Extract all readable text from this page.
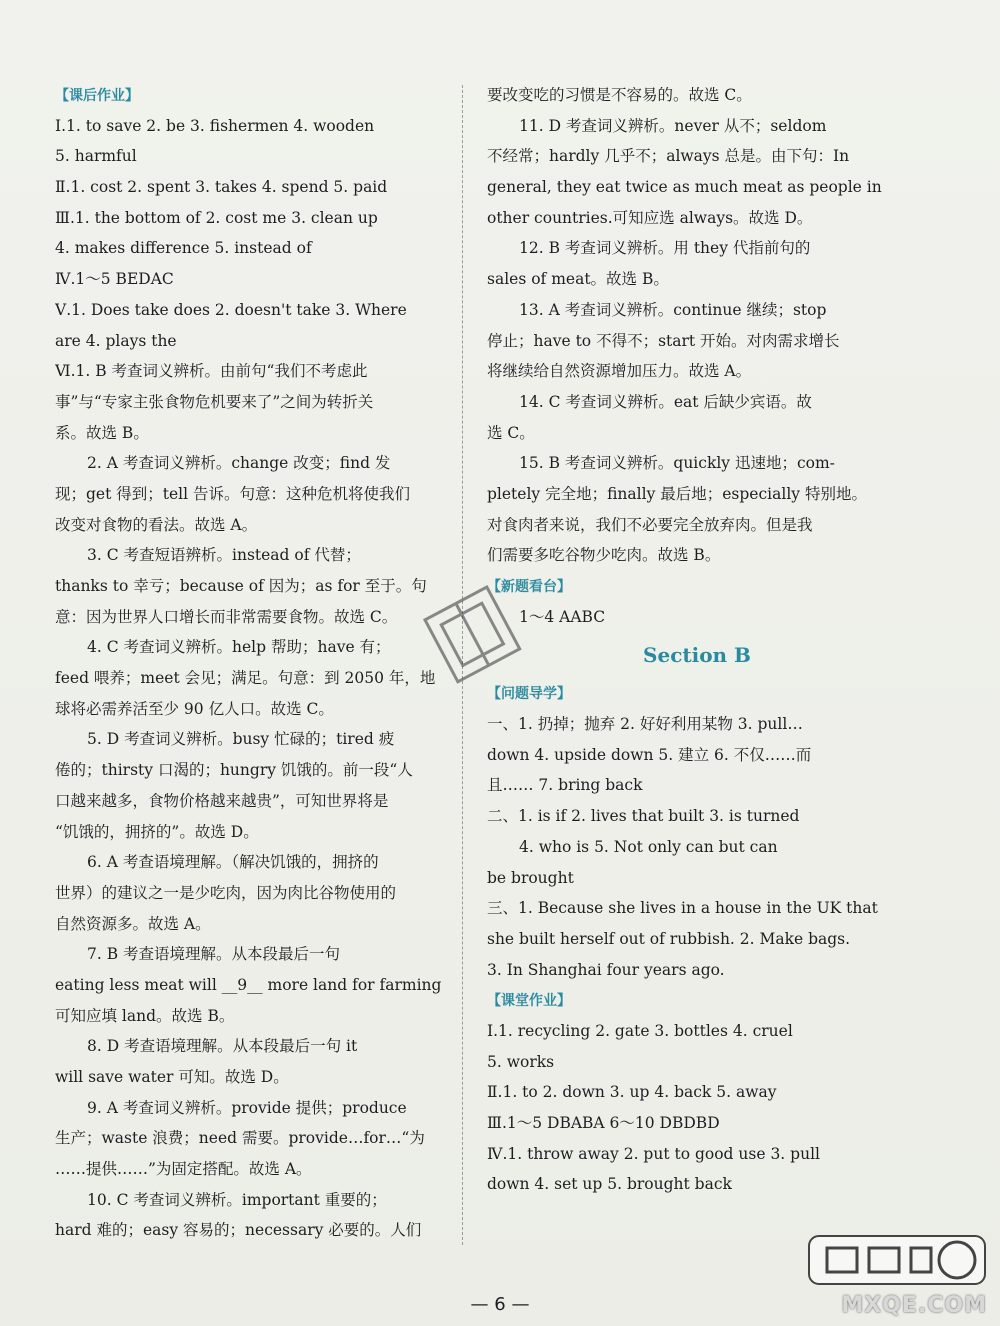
【课后作业】
Ⅰ.1. to save 2. be 3. fishermen 4. wooden
5. harmful
Ⅱ.1. cost 2. spent 3. takes 4. spend 5. paid
Ⅲ.1. the bottom of 2. cost me 3. clean up
4. makes difference 5. instead of
Ⅳ.1～5 BEDAC
Ⅴ.1. Does take does 2. doesn't take 3. Where
are 4. plays the
Ⅵ.1. B 考查词义辨析。由前句“我们不考虑此
事”与“专家主张食物危机要来了”之间为转折关
系。故选 B。
2. A 考查词义辨析。change 改变；find 发
现；get 得到；tell 告诉。句意：这种危机将使我们
改变对食物的看法。故选 A。
3. C 考查短语辨析。instead of 代替；
thanks to 幸亏；because of 因为；as for 至于。句
意：因为世界人口增长而非常需要食物。故选 C。
4. C 考查词义辨析。help 帮助；have 有；
feed 喂养；meet 会见；满足。句意：到 2050 年，地
球将必需养活至少 90 亿人口。故选 C。
5. D 考查词义辨析。busy 忙碌的；tired 疲
倦的；thirsty 口渴的；hungry 饥饿的。前一段“人
口越来越多，食物价格越来越贵”，可知世界将是
“饥饿的，拥挤的”。故选 D。
6. A 考查语境理解。（解决饥饿的，拥挤的
世界）的建议之一是少吃肉，因为肉比谷物使用的
自然资源多。故选 A。
7. B 考查语境理解。从本段最后一句
eating less meat will __9__ more land for farming
可知应填 land。故选 B。
8. D 考查语境理解。从本段最后一句 it
will save water 可知。故选 D。
9. A 考查词义辨析。provide 提供；produce
生产；waste 浪费；need 需要。provide…for…“为
……提供……”为固定搭配。故选 A。
10. C 考查词义辨析。important 重要的；
hard 难的；easy 容易的；necessary 必要的。人们
要改变吃的习惯是不容易的。故选 C。
11. D 考查词义辨析。never 从不；seldom
不经常；hardly 几乎不；always 总是。由下句：In
general, they eat twice as much meat as people in
other countries.可知应选 always。故选 D。
12. B 考查词义辨析。用 they 代指前句的
sales of meat。故选 B。
13. A 考查词义辨析。continue 继续；stop
停止；have to 不得不；start 开始。对肉需求增长
将继续给自然资源增加压力。故选 A。
14. C 考查词义辨析。eat 后缺少宾语。故
选 C。
15. B 考查词义辨析。quickly 迅速地；com-
pletely 完全地；finally 最后地；especially 特别地。
对食肉者来说，我们不必要完全放弃肉。但是我
们需要多吃谷物少吃肉。故选 B。
【新题看台】
1～4 AABC
Section B
【问题导学】
一、1. 扔掉；抛弃 2. 好好利用某物 3. pull…
down 4. upside down 5. 建立 6. 不仅……而
且…… 7. bring back
二、1. is if 2. lives that built 3. is turned
4. who is 5. Not only can but can
be brought
三、1. Because she lives in a house in the UK that
she built herself out of rubbish. 2. Make bags.
3. In Shanghai four years ago.
【课堂作业】
Ⅰ.1. recycling 2. gate 3. bottles 4. cruel
5. works
Ⅱ.1. to 2. down 3. up 4. back 5. away
Ⅲ.1～5 DBABA 6～10 DBDBD
Ⅳ.1. throw away 2. put to good use 3. pull
down 4. set up 5. brought back
— 6 —	MXQE.COM
